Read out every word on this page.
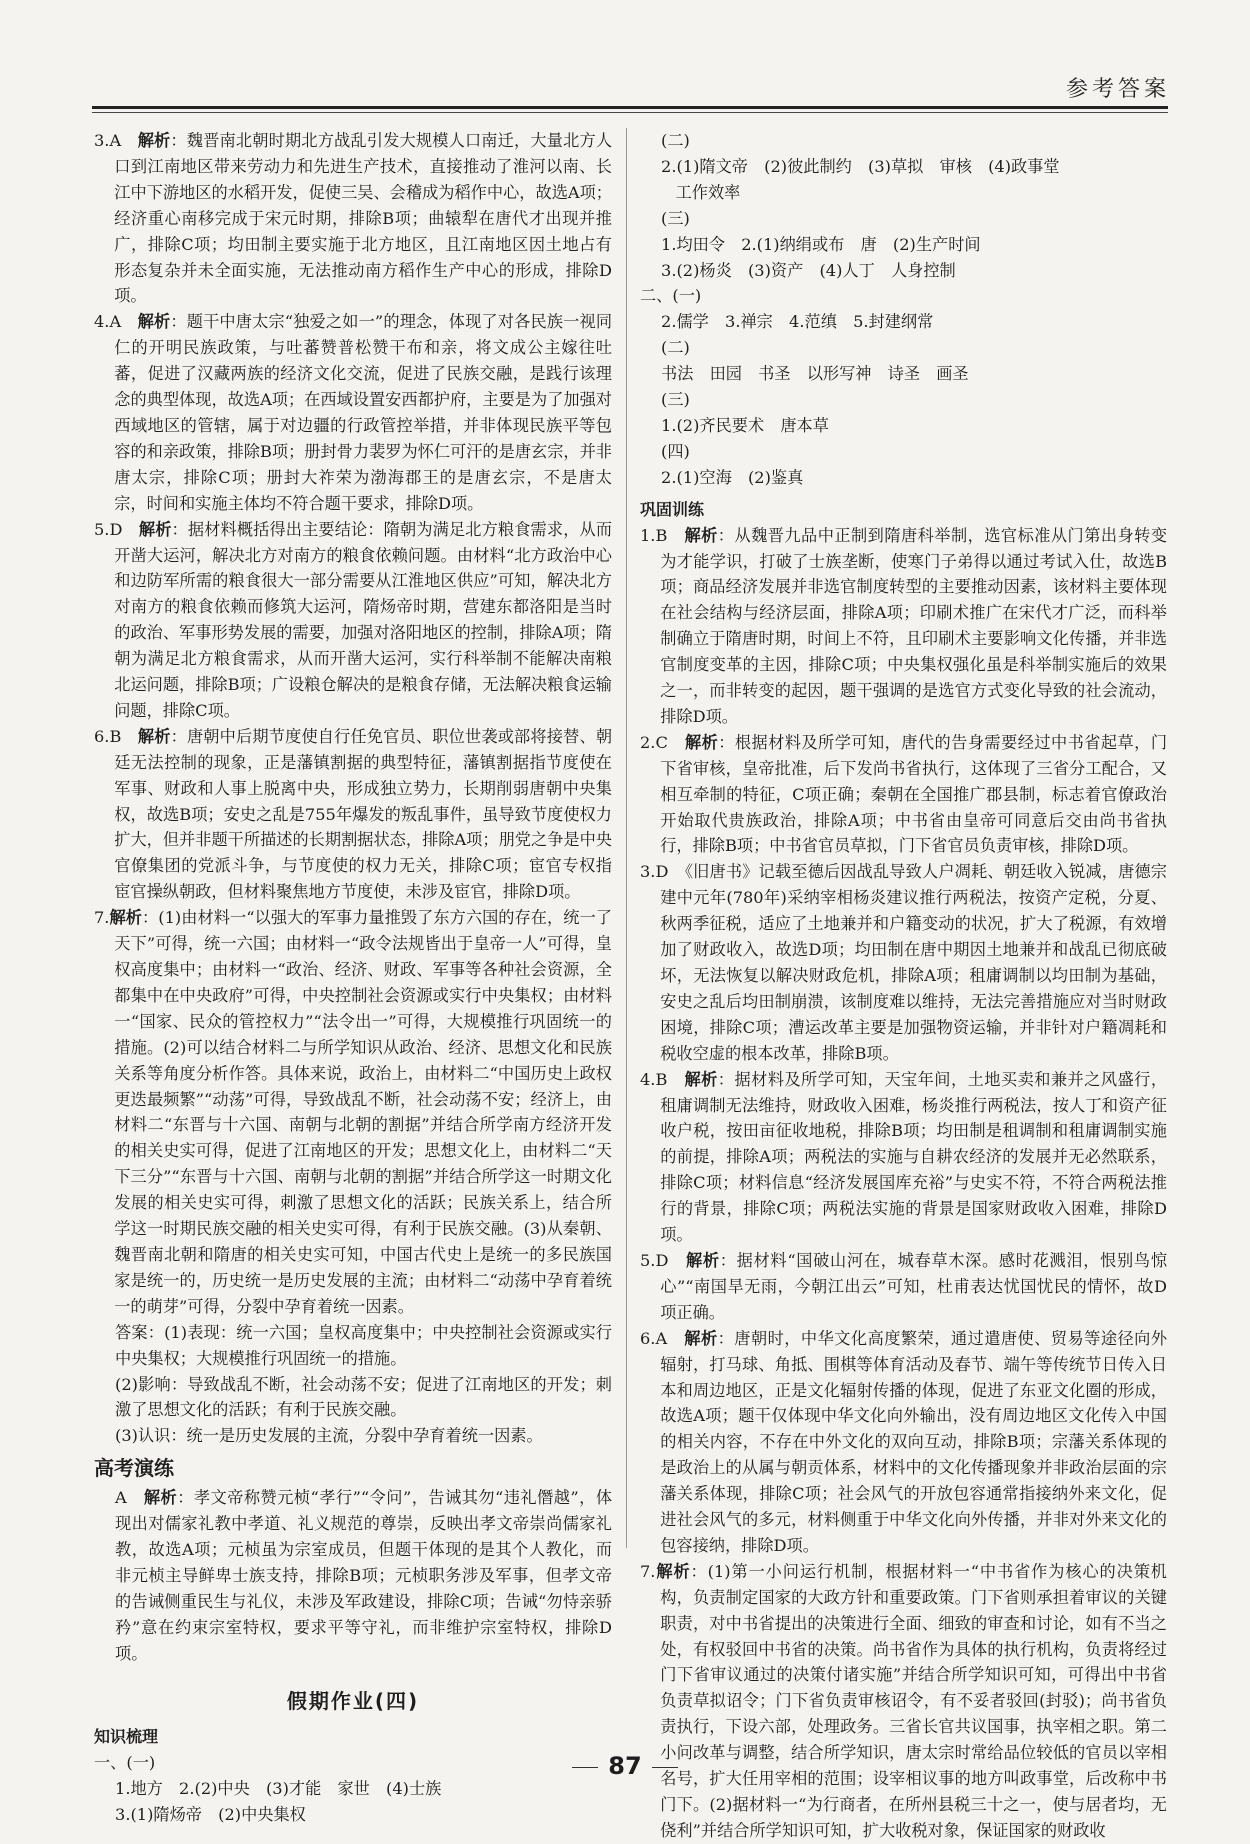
参考答案

3.A　 解析：魏晋南北朝时期北方战乱引发大规模人口南迁，大量北方人口到江南地区带来劳动力和先进生产技术，直接推动了淮河以南、长江中下游地区的水稻开发，促使三吴、会稽成为稻作中心，故选A项；经济重心南移完成于宋元时期，排除B项；曲辕犁在唐代才出现并推广，排除C项；均田制主要实施于北方地区，且江南地区因土地占有形态复杂并未全面实施，无法推动南方稻作生产中心的形成，排除D项。

4.A　 解析：题干中唐太宗“独爱之如一”的理念，体现了对各民族一视同仁的开明民族政策，与吐蕃赞普松赞干布和亲，将文成公主嫁往吐蕃，促进了汉藏两族的经济文化交流，促进了民族交融，是践行该理念的典型体现，故选A项；在西域设置安西都护府，主要是为了加强对西域地区的管辖，属于对边疆的行政管控举措，并非体现民族平等包容的和亲政策，排除B项；册封骨力裴罗为怀仁可汗的是唐玄宗，并非唐太宗，排除C项；册封大祚荣为渤海郡王的是唐玄宗，不是唐太宗，时间和实施主体均不符合题干要求，排除D项。

5.D　 解析：据材料概括得出主要结论：隋朝为满足北方粮食需求，从而开凿大运河，解决北方对南方的粮食依赖问题。由材料“北方政治中心和边防军所需的粮食很大一部分需要从江淮地区供应”可知，解决北方对南方的粮食依赖而修筑大运河，隋炀帝时期，营建东都洛阳是当时的政治、军事形势发展的需要，加强对洛阳地区的控制，排除A项；隋朝为满足北方粮食需求，从而开凿大运河，实行科举制不能解决南粮北运问题，排除B项；广设粮仓解决的是粮食存储，无法解决粮食运输问题，排除C项。

6.B　 解析：唐朝中后期节度使自行任免官员、职位世袭或部将接替、朝廷无法控制的现象，正是藩镇割据的典型特征，藩镇割据指节度使在军事、财政和人事上脱离中央，形成独立势力，长期削弱唐朝中央集权，故选B项；安史之乱是755年爆发的叛乱事件，虽导致节度使权力扩大，但并非题干所描述的长期割据状态，排除A项；朋党之争是中央官僚集团的党派斗争，与节度使的权力无关，排除C项；宦官专权指宦官操纵朝政，但材料聚焦地方节度使，未涉及宦官，排除D项。

7.解析：(1)由材料一“以强大的军事力量推毁了东方六国的存在，统一了天下”可得，统一六国；由材料一“政令法规皆出于皇帝一人”可得，皇权高度集中；由材料一“政治、经济、财政、军事等各种社会资源，全都集中在中央政府”可得，中央控制社会资源或实行中央集权；由材料一“国家、民众的管控权力”“法令出一”可得，大规模推行巩固统一的措施。(2)可以结合材料二与所学知识从政治、经济、思想文化和民族关系等角度分析作答。具体来说，政治上，由材料二“中国历史上政权更迭最频繁”“动荡”可得，导致战乱不断，社会动荡不安；经济上，由材料二“东晋与十六国、南朝与北朝的割据”并结合所学南方经济开发的相关史实可得，促进了江南地区的开发；思想文化上，由材料二“天下三分”“东晋与十六国、南朝与北朝的割据”并结合所学这一时期文化发展的相关史实可得，刺激了思想文化的活跃；民族关系上，结合所学这一时期民族交融的相关史实可得，有利于民族交融。(3)从秦朝、魏晋南北朝和隋唐的相关史实可知，中国古代史上是统一的多民族国家是统一的，历史统一是历史发展的主流；由材料二“动荡中孕育着统一的萌芽”可得，分裂中孕育着统一因素。

答案：(1)表现：统一六国；皇权高度集中；中央控制社会资源或实行中央集权；大规模推行巩固统一的措施。

(2)影响：导致战乱不断，社会动荡不安；促进了江南地区的开发；刺激了思想文化的活跃；有利于民族交融。

(3)认识：统一是历史发展的主流，分裂中孕育着统一因素。

高考演练

A　 解析：孝文帝称赞元桢“孝行”“令问”，告诫其勿“违礼僭越”，体现出对儒家礼教中孝道、礼义规范的尊崇，反映出孝文帝崇尚儒家礼教，故选A项；元桢虽为宗室成员，但题干体现的是其个人教化，而非元桢主导鲜卑士族支持，排除B项；元桢职务涉及军事，但孝文帝的告诫侧重民生与礼仪，未涉及军政建设，排除C项；告诫“勿恃亲骄矜”意在约束宗室特权，要求平等守礼，而非维护宗室特权，排除D项。

假期作业(四)
知识梳理

一、(一)

1.地方　2.(2)中央　(3)才能　家世　(4)士族

3.(1)隋炀帝　(2)中央集权

(二)

2.(1)隋文帝　(2)彼此制约　(3)草拟　审核　(4)政事堂

工作效率

(三)

1.均田令　2.(1)纳绢或布　唐　(2)生产时间

3.(2)杨炎　(3)资产　(4)人丁　人身控制

二、(一)

2.儒学　3.禅宗　4.范缜　5.封建纲常

(二)

书法　田园　书圣　以形写神　诗圣　画圣

(三)

1.(2)齐民要术　唐本草

(四)

2.(1)空海　(2)鉴真

巩固训练

1.B　 解析：从魏晋九品中正制到隋唐科举制，选官标准从门第出身转变为才能学识，打破了士族垄断，使寒门子弟得以通过考试入仕，故选B项；商品经济发展并非选官制度转型的主要推动因素，该材料主要体现在社会结构与经济层面，排除A项；印刷术推广在宋代才广泛，而科举制确立于隋唐时期，时间上不符，且印刷术主要影响文化传播，并非选官制度变革的主因，排除C项；中央集权强化虽是科举制实施后的效果之一，而非转变的起因，题干强调的是选官方式变化导致的社会流动，排除D项。

2.C　 解析：根据材料及所学可知，唐代的告身需要经过中书省起草，门下省审核，皇帝批准，后下发尚书省执行，这体现了三省分工配合，又相互牵制的特征，C项正确；秦朝在全国推广郡县制，标志着官僚政治开始取代贵族政治，排除A项；中书省由皇帝可同意后交由尚书省执行，排除B项；中书省官员草拟，门下省官员负责审核，排除D项。

3.D　 《旧唐书》记载至德后因战乱导致人户凋耗、朝廷收入锐减，唐德宗建中元年(780年)采纳宰相杨炎建议推行两税法，按资产定税，分夏、秋两季征税，适应了土地兼并和户籍变动的状况，扩大了税源，有效增加了财政收入，故选D项；均田制在唐中期因土地兼并和战乱已彻底破坏，无法恢复以解决财政危机，排除A项；租庸调制以均田制为基础，安史之乱后均田制崩溃，该制度难以维持，无法完善措施应对当时财政困境，排除C项；漕运改革主要是加强物资运输，并非针对户籍凋耗和税收空虚的根本改革，排除B项。

4.B　 解析：据材料及所学可知，天宝年间，土地买卖和兼并之风盛行，租庸调制无法维持，财政收入困难，杨炎推行两税法，按人丁和资产征收户税，按田亩征收地税，排除B项；均田制是租调制和租庸调制实施的前提，排除A项；两税法的实施与自耕农经济的发展并无必然联系，排除C项；材料信息“经济发展国库充裕”与史实不符，不符合两税法推行的背景，排除C项；两税法实施的背景是国家财政收入困难，排除D项。

5.D　 解析：据材料“国破山河在，城春草木深。感时花溅泪，恨别鸟惊心”“南国旱无雨，今朝江出云”可知，杜甫表达忧国忧民的情怀，故D项正确。

6.A　 解析：唐朝时，中华文化高度繁荣，通过遣唐使、贸易等途径向外辐射，打马球、角抵、围棋等体育活动及春节、端午等传统节日传入日本和周边地区，正是文化辐射传播的体现，促进了东亚文化圈的形成，故选A项；题干仅体现中华文化向外输出，没有周边地区文化传入中国的相关内容，不存在中外文化的双向互动，排除B项；宗藩关系体现的是政治上的从属与朝贡体系，材料中的文化传播现象并非政治层面的宗藩关系体现，排除C项；社会风气的开放包容通常指接纳外来文化，促进社会风气的多元，材料侧重于中华文化向外传播，并非对外来文化的包容接纳，排除D项。

7.解析：(1)第一小问运行机制，根据材料一“中书省作为核心的决策机构，负责制定国家的大政方针和重要政策。门下省则承担着审议的关键职责，对中书省提出的决策进行全面、细致的审查和讨论，如有不当之处，有权驳回中书省的决策。尚书省作为具体的执行机构，负责将经过门下省审议通过的决策付诸实施”并结合所学知识可知，可得出中书省负责草拟诏令；门下省负责审核诏令，有不妥者驳回(封驳)；尚书省负责执行，下设六部，处理政务。三省长官共议国事，执宰相之职。第二小问改革与调整，结合所学知识，唐太宗时常给品位较低的官员以宰相名号，扩大任用宰相的范围；设宰相议事的地方叫政事堂，后改称中书门下。(2)据材料一“为行商者，在所州县税三十之一，使与居者均，无侥利”并结合所学知识可知，扩大收税对象，保证国家的财政收

87
